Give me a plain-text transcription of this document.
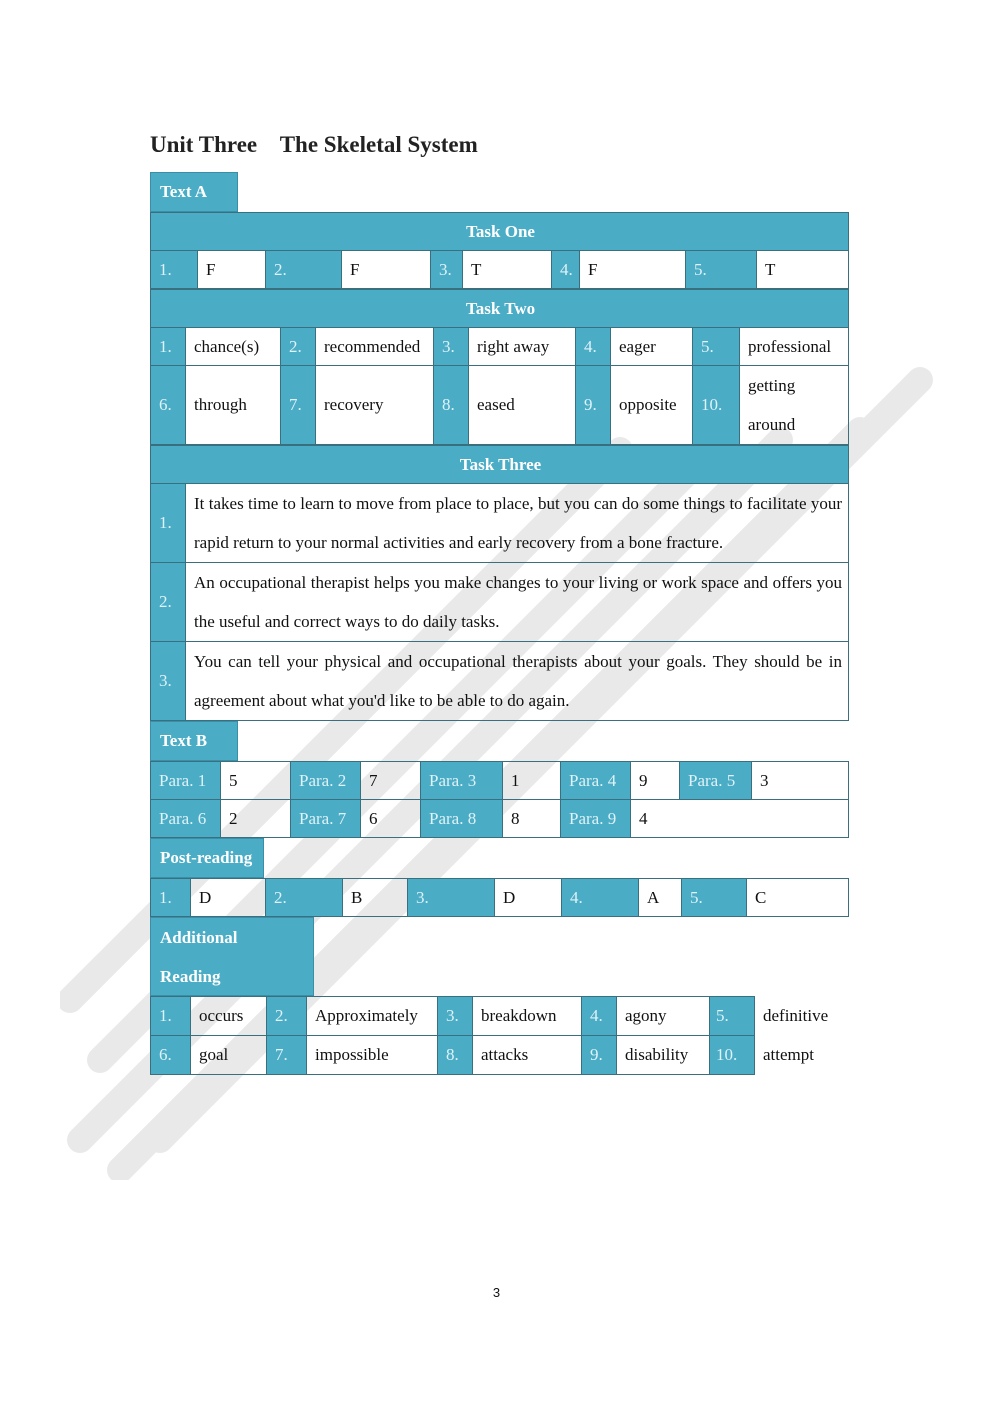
Unit Three    The Skeletal System
Text A
Task One
1.	F	2.	F	3.	T	4.	F	5.	T
Task Two									
1.	chance(s)	2.	recommended	3.	right away	4.	eager	5.	professional
6.	through	7.	recovery	8.	eased	9.	opposite	10.	getting around
Task Three	
1.	It takes time to learn to move from place to place, but you can do some things to facilitate your rapid return to your normal activities and early recovery from a bone fracture.
2.	An occupational therapist helps you make changes to your living or work space and offers you the useful and correct ways to do daily tasks.
3.	You can tell your physical and occupational therapists about your goals. They should be in agreement about what you'd like to be able to do again.
Text B
Para. 1	5	Para. 2	7	Para. 3	1	Para. 4	9	Para. 5	3
Para. 6	2	Para. 7	6	Para. 8	8	Para. 9	4		
Post-reading
1.	D	2.	B	3.	D	4.	A	5.	C
Additional
Reading
1.	occurs	2.	Approximately	3.	breakdown	4.	agony 5.	definitive
6.	goal	7.	impossible	8.	attacks	9.	disability 10.	attempt
3
